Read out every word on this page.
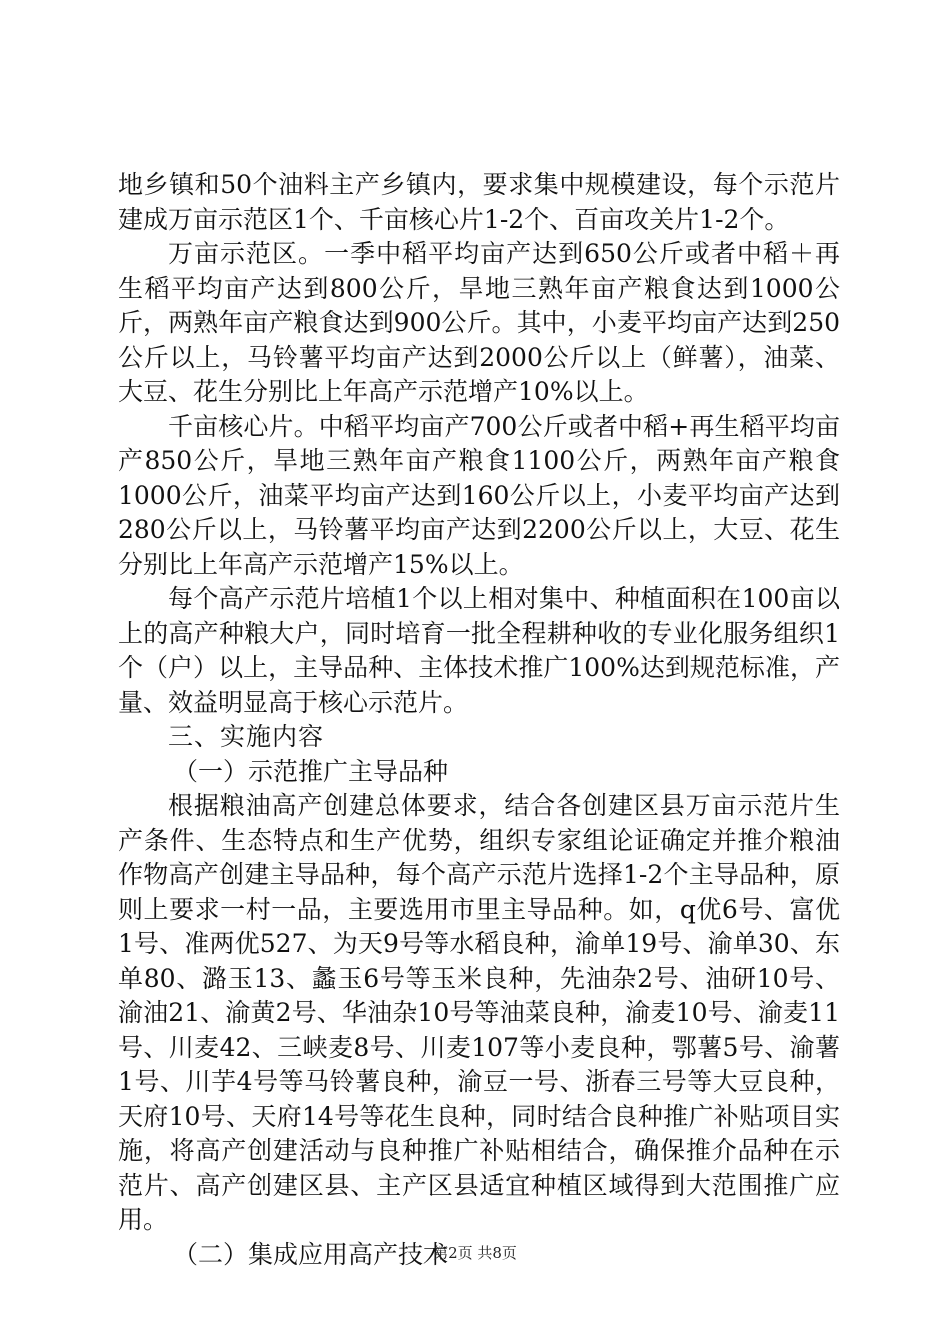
地乡镇和50个油料主产乡镇内，要求集中规模建设，每个示范片建成万亩示范区1个、千亩核心片1-2个、百亩攻关片1-2个。

万亩示范区。一季中稻平均亩产达到650公斤或者中稻＋再生稻平均亩产达到800公斤，旱地三熟年亩产粮食达到1000公斤，两熟年亩产粮食达到900公斤。其中，小麦平均亩产达到250公斤以上，马铃薯平均亩产达到2000公斤以上（鲜薯），油菜、大豆、花生分别比上年高产示范增产10%以上。

千亩核心片。中稻平均亩产700公斤或者中稻+再生稻平均亩产850公斤，旱地三熟年亩产粮食1100公斤，两熟年亩产粮食1000公斤，油菜平均亩产达到160公斤以上，小麦平均亩产达到280公斤以上，马铃薯平均亩产达到2200公斤以上，大豆、花生分别比上年高产示范增产15%以上。

每个高产示范片培植1个以上相对集中、种植面积在100亩以上的高产种粮大户，同时培育一批全程耕种收的专业化服务组织1个（户）以上，主导品种、主体技术推广100%达到规范标准，产量、效益明显高于核心示范片。

三、实施内容

（一）示范推广主导品种

根据粮油高产创建总体要求，结合各创建区县万亩示范片生产条件、生态特点和生产优势，组织专家组论证确定并推介粮油作物高产创建主导品种，每个高产示范片选择1-2个主导品种，原则上要求一村一品，主要选用市里主导品种。如，q优6号、富优1号、准两优527、为天9号等水稻良种，渝单19号、渝单30、东单80、潞玉13、蠡玉6号等玉米良种，先油杂2号、油研10号、渝油21、渝黄2号、华油杂10号等油菜良种，渝麦10号、渝麦11号、川麦42、三峡麦8号、川麦107等小麦良种，鄂薯5号、渝薯1号、川芋4号等马铃薯良种，渝豆一号、浙春三号等大豆良种，天府10号、天府14号等花生良种，同时结合良种推广补贴项目实施，将高产创建活动与良种推广补贴相结合，确保推介品种在示范片、高产创建区县、主产区县适宜种植区域得到大范围推广应用。

（二）集成应用高产技术

第2页 共8页
